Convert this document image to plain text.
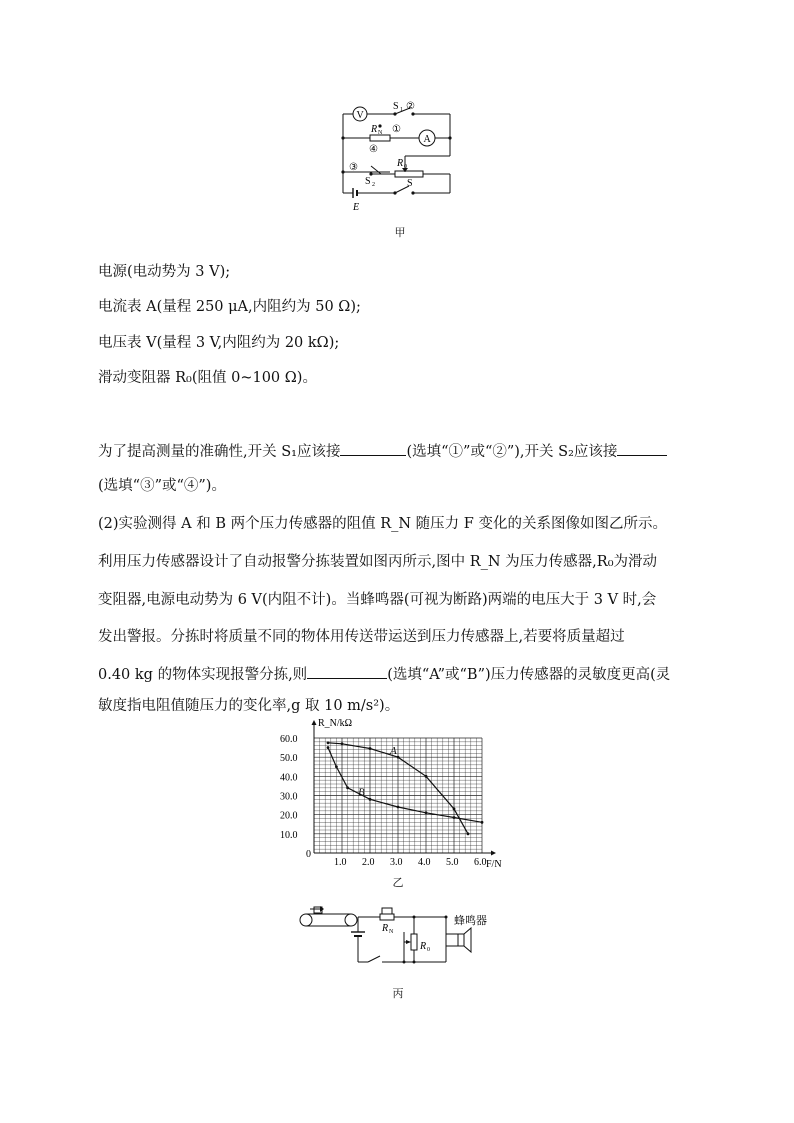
V
A
S 1 ②
R N ①
④
③	R 0
S 2	S
E
甲
电源(电动势为 3 V);
电流表 A(量程 250 μA,内阻约为 50 Ω);
电压表 V(量程 3 V,内阻约为 20 kΩ);
滑动变阻器 R₀(阻值 0~100 Ω)。
为了提高测量的准确性,开关 S₁应该接	(选填“①”或“②”),开关 S₂应该接
(选填“③”或“④”)。
(2)实验测得 A 和 B 两个压力传感器的阻值 R_N 随压力 F 变化的关系图像如图乙所示。
利用压力传感器设计了自动报警分拣装置如图丙所示,图中 R_N 为压力传感器,R₀为滑动
变阻器,电源电动势为 6 V(内阻不计)。当蜂鸣器(可视为断路)两端的电压大于 3 V 时,会
发出警报。分拣时将质量不同的物体用传送带运送到压力传感器上,若要将质量超过
0.40 kg 的物体实现报警分拣,则	(选填“A”或“B”)压力传感器的灵敏度更高(灵
敏度指电阻值随压力的变化率,g 取 10 m/s²)。
R_N/kΩ
F/N
0
1.0 2.0 3.0 4.0 5.0 6.0
10.0
20.0
30.0
40.0
50.0
60.0
A
B
乙
R N
R 0
蜂鸣器
丙
